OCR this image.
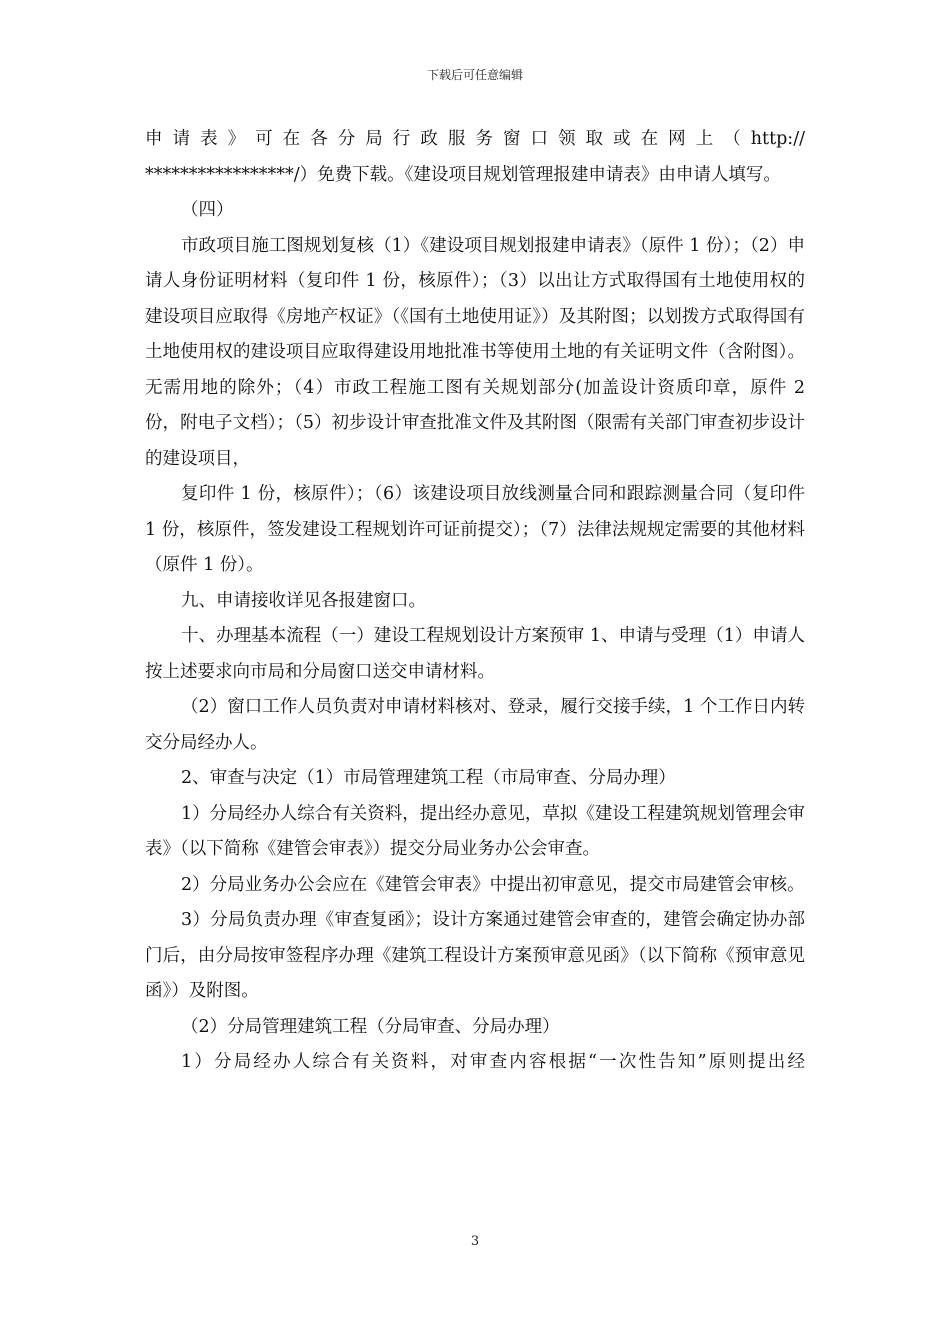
下载后可任意编辑

申请表》可在各分局行政服务窗口领取或在网上（http://

*****************/）免费下载。《建设项目规划管理报建申请表》由申请人填写。

（四）

市政项目施工图规划复核（1）《建设项目规划报建申请表》（原件 1 份）；（2）申请人身份证明材料（复印件 1 份，核原件）；（3）以出让方式取得国有土地使用权的建设项目应取得《房地产权证》（《国有土地使用证》）及其附图；以划拨方式取得国有土地使用权的建设项目应取得建设用地批准书等使用土地的有关证明文件（含附图）。无需用地的除外；（4）市政工程施工图有关规划部分(加盖设计资质印章，原件 2 份，附电子文档）；（5）初步设计审查批准文件及其附图（限需有关部门审查初步设计的建设项目，

复印件 1 份，核原件）；（6）该建设项目放线测量合同和跟踪测量合同（复印件 1 份，核原件，签发建设工程规划许可证前提交）；（7）法律法规规定需要的其他材料（原件 1 份）。

九、申请接收详见各报建窗口。

十、办理基本流程（一）建设工程规划设计方案预审 1、申请与受理（1）申请人按上述要求向市局和分局窗口送交申请材料。

（2）窗口工作人员负责对申请材料核对、登录，履行交接手续，1 个工作日内转交分局经办人。

2、审查与决定（1）市局管理建筑工程（市局审查、分局办理）

1）分局经办人综合有关资料，提出经办意见，草拟《建设工程建筑规划管理会审表》（以下简称《建管会审表》）提交分局业务办公会审查。

2）分局业务办公会应在《建管会审表》中提出初审意见，提交市局建管会审核。

3）分局负责办理《审查复函》；设计方案通过建管会审查的，建管会确定协办部门后，由分局按审签程序办理《建筑工程设计方案预审意见函》（以下简称《预审意见函》）及附图。

（2）分局管理建筑工程（分局审查、分局办理）

1）分局经办人综合有关资料，对审查内容根据“一次性告知”原则提出经

3
